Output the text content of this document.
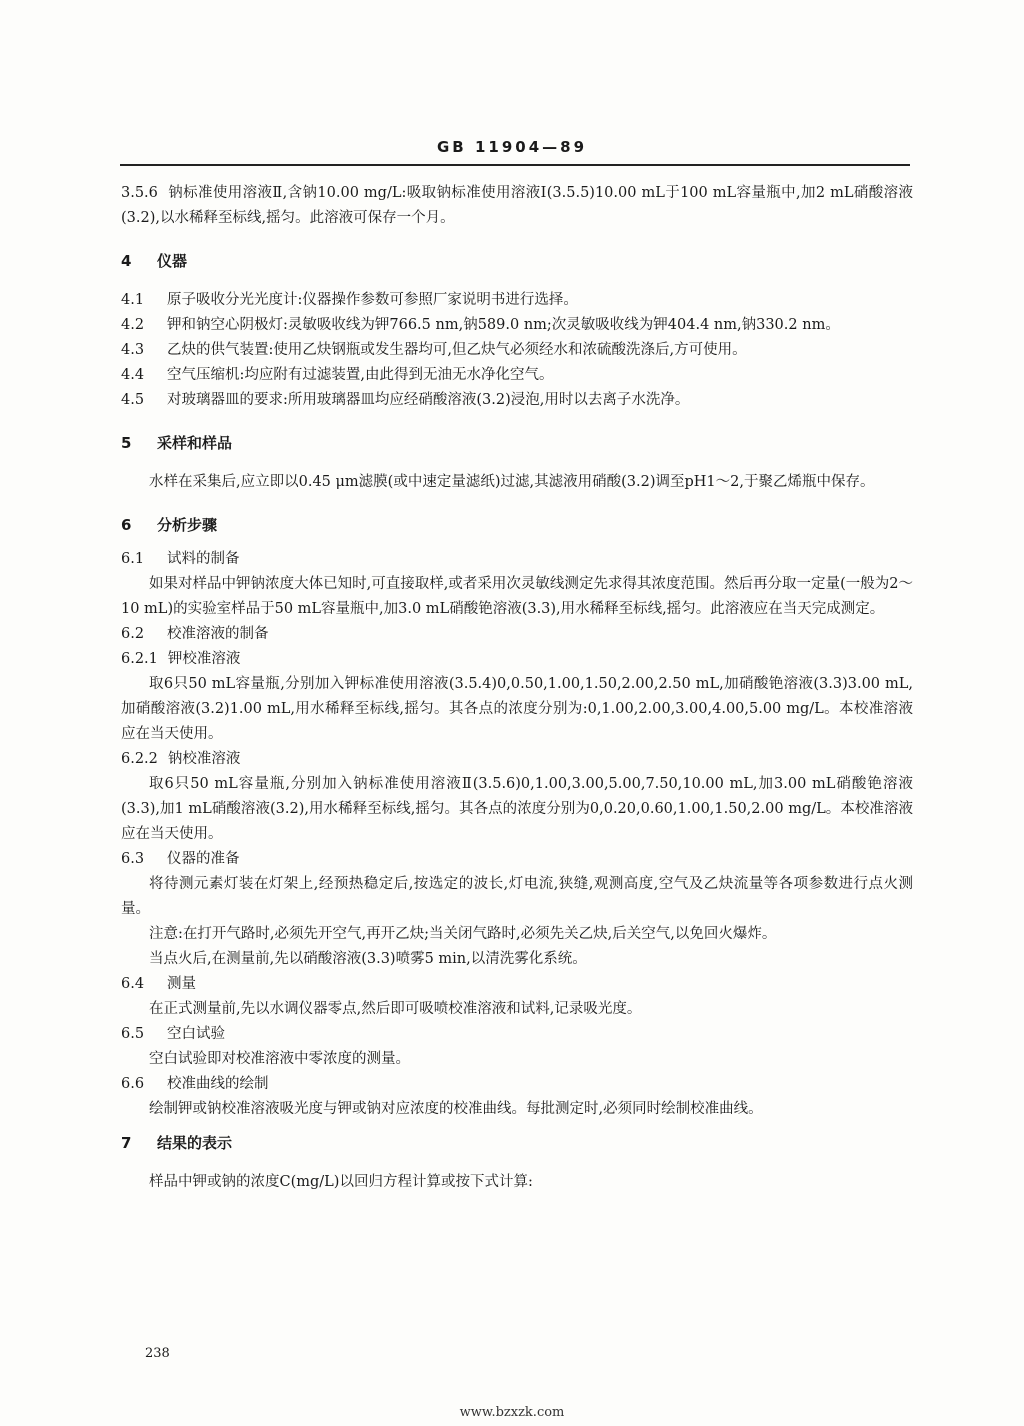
GB 11904—89

3.5.6 钠标准使用溶液Ⅱ,含钠10.00 mg/L:吸取钠标准使用溶液Ⅰ(3.5.5)10.00 mL于100 mL容量瓶中,加2 mL硝酸溶液(3.2),以水稀释至标线,摇匀。此溶液可保存一个月。

4 仪器

4.1 原子吸收分光光度计:仪器操作参数可参照厂家说明书进行选择。

4.2 钾和钠空心阴极灯:灵敏吸收线为钾766.5 nm,钠589.0 nm;次灵敏吸收线为钾404.4 nm,钠330.2 nm。

4.3 乙炔的供气装置:使用乙炔钢瓶或发生器均可,但乙炔气必须经水和浓硫酸洗涤后,方可使用。

4.4 空气压缩机:均应附有过滤装置,由此得到无油无水净化空气。

4.5 对玻璃器皿的要求:所用玻璃器皿均应经硝酸溶液(3.2)浸泡,用时以去离子水洗净。

5 采样和样品

水样在采集后,应立即以0.45 μm滤膜(或中速定量滤纸)过滤,其滤液用硝酸(3.2)调至pH1～2,于聚乙烯瓶中保存。

6 分析步骤

6.1 试料的制备

如果对样品中钾钠浓度大体已知时,可直接取样,或者采用次灵敏线测定先求得其浓度范围。然后再分取一定量(一般为2～10 mL)的实验室样品于50 mL容量瓶中,加3.0 mL硝酸铯溶液(3.3),用水稀释至标线,摇匀。此溶液应在当天完成测定。

6.2 校准溶液的制备

6.2.1 钾校准溶液

取6只50 mL容量瓶,分别加入钾标准使用溶液(3.5.4)0,0.50,1.00,1.50,2.00,2.50 mL,加硝酸铯溶液(3.3)3.00 mL,加硝酸溶液(3.2)1.00 mL,用水稀释至标线,摇匀。其各点的浓度分别为:0,1.00,2.00,3.00,4.00,5.00 mg/L。本校准溶液应在当天使用。

6.2.2 钠校准溶液

取6只50 mL容量瓶,分别加入钠标准使用溶液Ⅱ(3.5.6)0,1.00,3.00,5.00,7.50,10.00 mL,加3.00 mL硝酸铯溶液(3.3),加1 mL硝酸溶液(3.2),用水稀释至标线,摇匀。其各点的浓度分别为0,0.20,0.60,1.00,1.50,2.00 mg/L。本校准溶液应在当天使用。

6.3 仪器的准备

将待测元素灯装在灯架上,经预热稳定后,按选定的波长,灯电流,狭缝,观测高度,空气及乙炔流量等各项参数进行点火测量。

注意:在打开气路时,必须先开空气,再开乙炔;当关闭气路时,必须先关乙炔,后关空气,以免回火爆炸。

当点火后,在测量前,先以硝酸溶液(3.3)喷雾5 min,以清洗雾化系统。

6.4 测量

在正式测量前,先以水调仪器零点,然后即可吸喷校准溶液和试料,记录吸光度。

6.5 空白试验

空白试验即对校准溶液中零浓度的测量。

6.6 校准曲线的绘制

绘制钾或钠校准溶液吸光度与钾或钠对应浓度的校准曲线。每批测定时,必须同时绘制校准曲线。

7 结果的表示

样品中钾或钠的浓度C(mg/L)以回归方程计算或按下式计算:

238
www.bzxzk.com
